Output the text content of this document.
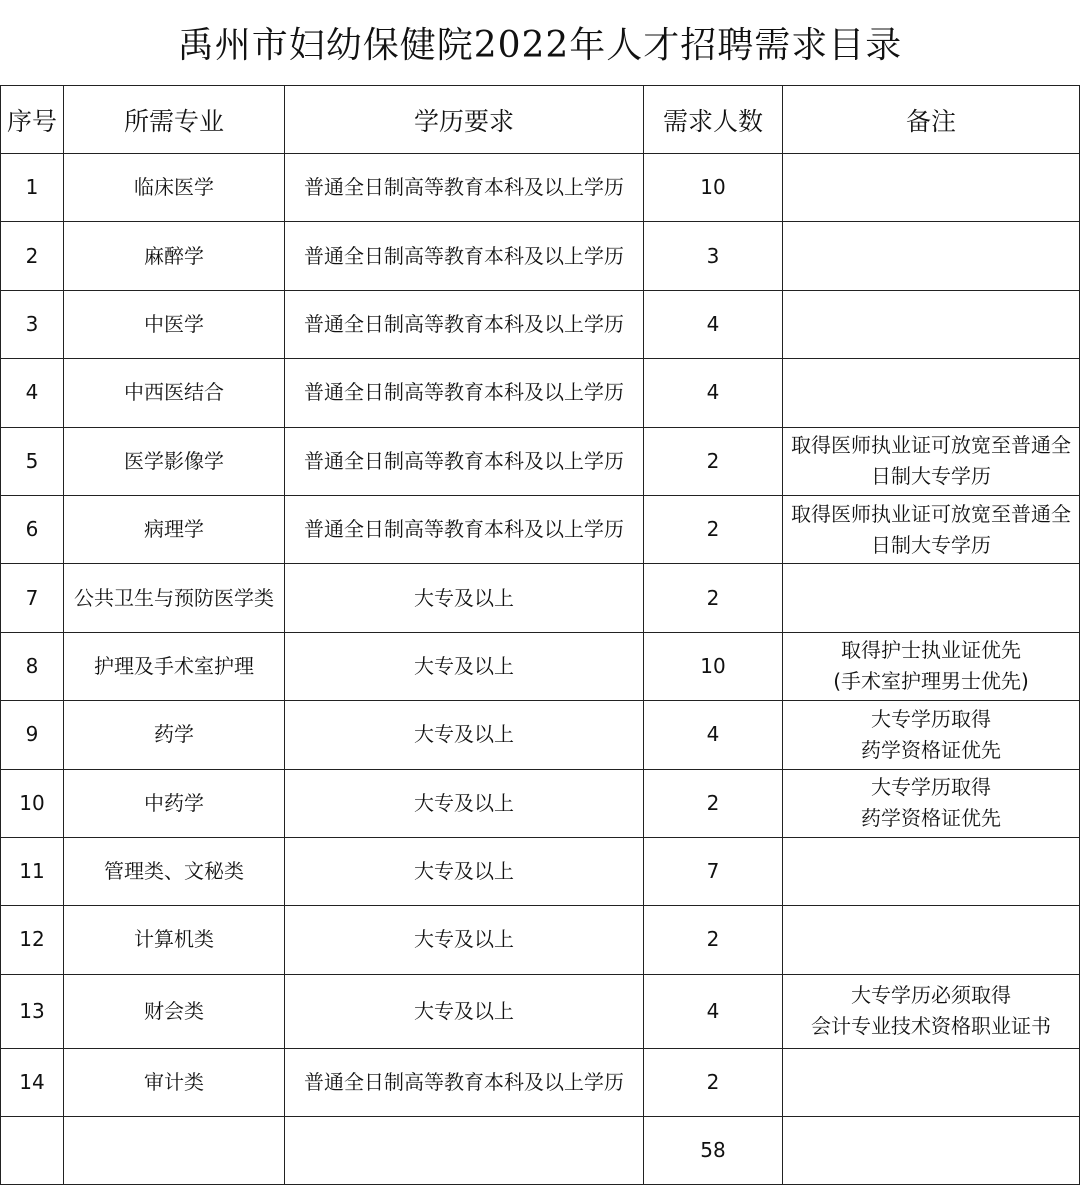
禹州市妇幼保健院2022年人才招聘需求目录
序号	所需专业	学历要求	需求人数	备注
1	临床医学	普通全日制高等教育本科及以上学历	10	

2	麻醉学	普通全日制高等教育本科及以上学历	3	

3	中医学	普通全日制高等教育本科及以上学历	4	

4	中西医结合	普通全日制高等教育本科及以上学历	4	

5	医学影像学	普通全日制高等教育本科及以上学历	2	取得医师执业证可放宽至普通全
日制大专学历

6	病理学	普通全日制高等教育本科及以上学历	2	取得医师执业证可放宽至普通全
日制大专学历

7	公共卫生与预防医学类	大专及以上	2	

8	护理及手术室护理	大专及以上	10	取得护士执业证优先
(手术室护理男士优先)

9	药学	大专及以上	4	大专学历取得
药学资格证优先

10	中药学	大专及以上	2	大专学历取得
药学资格证优先

11	管理类、文秘类	大专及以上	7	

12	计算机类	大专及以上	2	

13	财会类	大专及以上	4	大专学历必须取得
会计专业技术资格职业证书

14	审计类	普通全日制高等教育本科及以上学历	2	

			58	
